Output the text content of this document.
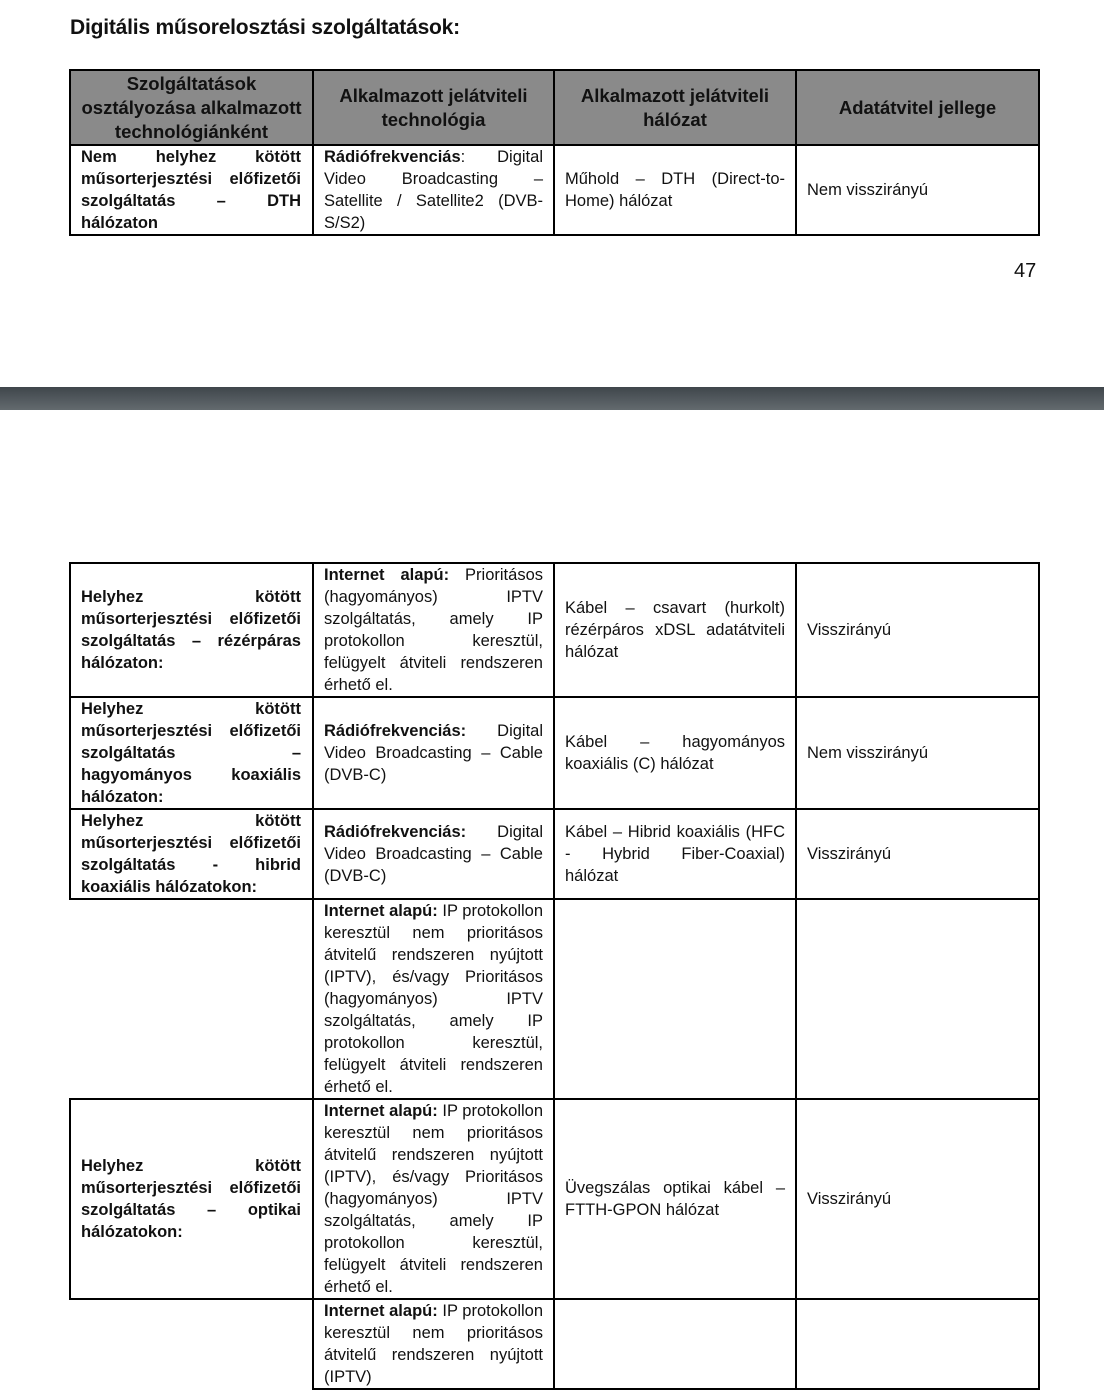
Digitális műsorelosztási szolgáltatások:
Szolgáltatások osztályozása alkalmazott technológiánként	Alkalmazott jelátviteli technológia	Alkalmazott jelátviteli hálózat	Adatátvitel jellege
Nem helyhez kötött műsorterjesztési előfizetői szolgáltatás – DTH hálózaton	Rádiófrekvenciás: Digital Video Broadcasting – Satellite / Satellite2 (DVB-S/S2)	Műhold – DTH (Direct-to-Home) hálózat	Nem visszirányú
47
Helyhez kötött műsorterjesztési előfizetői szolgáltatás – rézérpáras hálózaton:	Internet alapú: Prioritásos (hagyományos) IPTV szolgáltatás, amely IP protokollon keresztül, felügyelt átviteli rendszeren érhető el.	Kábel – csavart (hurkolt) rézérpáros xDSL adatátviteli hálózat	Visszirányú
Helyhez kötött műsorterjesztési előfizetői szolgáltatás – hagyományos koaxiális hálózaton:	Rádiófrekvenciás: Digital Video Broadcasting – Cable (DVB-C)	Kábel – hagyományos koaxiális (C) hálózat	Nem visszirányú
Helyhez kötött műsorterjesztési előfizetői szolgáltatás - hibrid koaxiális hálózatokon:	Rádiófrekvenciás: Digital Video Broadcasting – Cable (DVB-C)	Kábel – Hibrid koaxiális (HFC - Hybrid Fiber-Coaxial) hálózat	Visszirányú
	Internet alapú: IP protokollon keresztül nem prioritásos átvitelű rendszeren nyújtott (IPTV), és/vagy Prioritásos (hagyományos) IPTV szolgáltatás, amely IP protokollon keresztül, felügyelt átviteli rendszeren érhető el.		
Helyhez kötött műsorterjesztési előfizetői szolgáltatás – optikai hálózatokon:	Internet alapú: IP protokollon keresztül nem prioritásos átvitelű rendszeren nyújtott (IPTV), és/vagy Prioritásos (hagyományos) IPTV szolgáltatás, amely IP protokollon keresztül, felügyelt átviteli rendszeren érhető el.	Üvegszálas optikai kábel – FTTH-GPON hálózat	Visszirányú
	Internet alapú: IP protokollon keresztül nem prioritásos átvitelű rendszeren nyújtott (IPTV)		
